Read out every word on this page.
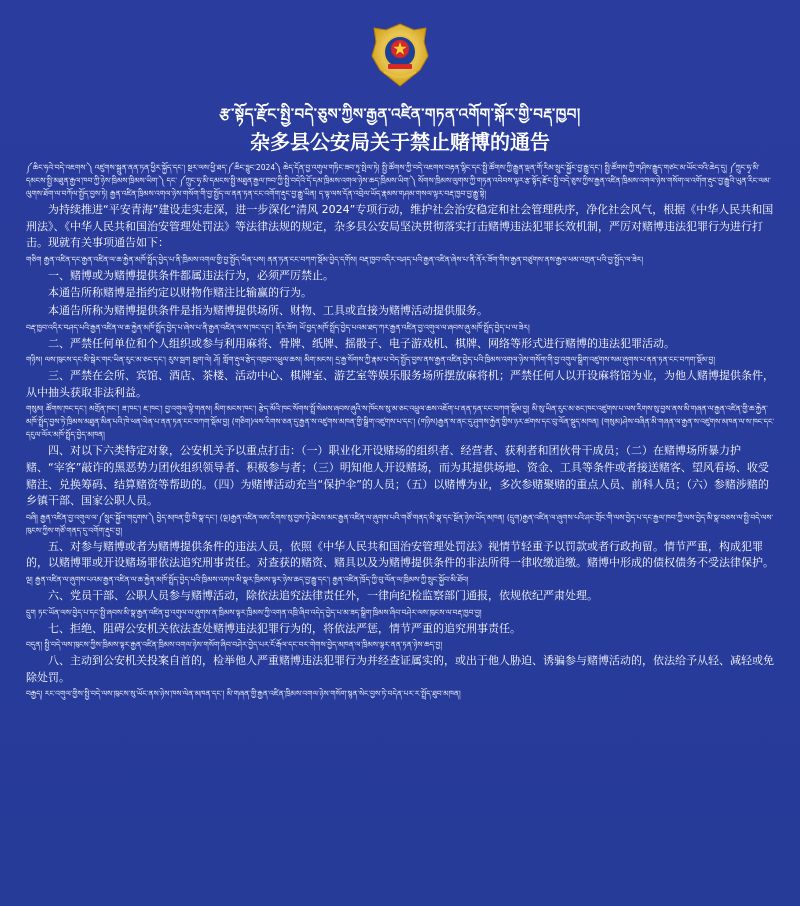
རྩ་སྟོད་རྫོང་སྤྱི་བདེ་ཅུས་ཀྱིས་རྒྱན་འཛིན་གཏན་འགོག་སྐོར་གྱི་བརྡ་ཁྱབ།
杂多县公安局关于禁止赌博的通告
༼ཆིང་ཧའེ་བདེ་འཇགས་༽ འཛུགས་སྐྲུན་ནན་ཏན་ཕྱིར་སྐྱོད་དང་། སྔར་ལས་ཕྱི་ཐད་༼ཆིང་ཧྥུང་2024༽ ཆེད་དོན་བྱ་འགུལ་གཏིང་ཟབ་ཏུ་སྤེལ་ཏེ། སྤྱི་ཚོགས་ཀྱི་བདེ་འཇགས་བརྟན་ལྷིང་དང་སྤྱི་ཚོགས་ཀྱི་རྒྱུན་ལྡན་གོ་རིམ་སྲུང་སྐྱོང་བྱ་རྒྱུ་དང་། སྤྱི་ཚོགས་ཀྱི་གཤིས་རྒྱུད་གཙང་མ་ཡོང་བའི་ཆེད་དུ། ༼ཀྲུང་ཧྭ་མི་དམངས་སྤྱི་མཐུན་རྒྱལ་ཁབ་ཀྱི་ཉེས་ཁྲིམས་ཁྲིམས་ཡིག་༽ དང་ ༼ཀྲུང་ཧྭ་མི་དམངས་སྤྱི་མཐུན་རྒྱལ་ཁབ་ཀྱི་སྤྱི་བདེའི་དོ་དམ་ཁྲིམས་འགལ་ཉེས་ཆད་ཁྲིམས་ཡིག་༽ སོགས་ཁྲིམས་ལུགས་ཀྱི་གཏན་འབེབས་ལྟར་རྩ་སྟོད་རྫོང་སྤྱི་བདེ་ཅུས་ཀྱིས་རྒྱན་འཛིན་ཁྲིམས་འགལ་ཉེས་གསོག་ལ་འགོག་རྡུང་བྱ་རྒྱུའི་ཡུན་རིང་ལམ་ལུགས་ཐོག་ལ་བཀོལ་སྤྱོད་བྱས་ཏེ། རྒྱན་འཛིན་ཁྲིམས་འགལ་ཉེས་གསོག་གི་བྱ་སྤྱོད་ལ་ནན་ཏན་ངང་འགོག་རྡུང་བྱ་རྒྱུ་ཡིན། ད་ལྟ་ལས་དོན་འབྲེལ་ཡོད་རྣམས་གཤམ་གསལ་ལྟར་བརྡ་ཁྱབ་བྱ་རྒྱུ་སྟེ།
为持续推进“平安青海”建设走实走深，进一步深化“清风 2024”专项行动，维护社会治安稳定和社会管理秩序，净化社会风气，根据《中华人民共和国刑法》、《中华人民共和国治安管理处罚法》等法律法规的规定，杂多县公安局坚决贯彻落实打击赌博违法犯罪长效机制，严厉对赌博违法犯罪行为进行打击。现就有关事项通告如下：
གཅིག རྒྱན་འཛིན་དང་རྒྱན་འཛིན་ལ་ཆ་རྐྱེན་མཁོ་སྤྲོད་བྱེད་པ་ནི་ཁྲིམས་འགལ་གྱི་བྱ་སྤྱོད་ཡིན་པས། ནན་ཏན་ངང་བཀག་སྡོམ་བྱེད་དགོས། བརྡ་ཁྱབ་འདིར་བཤད་པའི་རྒྱན་འཛིན་ཞེས་པ་ནི་ནོར་ཟོག་གིས་རྒྱན་བཙུགས་ནས་རྒྱལ་ཕམ་འགྲན་པའི་བྱ་སྤྱོད་ལ་ཟེར།
一、赌博或为赌博提供条件都属违法行为，必须严厉禁止。
本通告所称赌博是指约定以财物作赌注比输赢的行为。
本通告所称为赌博提供条件是指为赌博提供场所、财物、工具或直接为赌博活动提供服务。
བརྡ་ཁྱབ་འདིར་བཤད་པའི་རྒྱན་འཛིན་ལ་ཆ་རྐྱེན་མཁོ་སྤྲོད་བྱེད་པ་ཞེས་པ་ནི་རྒྱན་འཛིན་ལ་ས་ཁང་དང་། ནོར་ཟོག ཡོ་བྱད་མཁོ་སྤྲོད་བྱེད་པའམ་ཐད་ཀར་རྒྱན་འཛིན་བྱ་འགུལ་ལ་ཞབས་ཞུ་མཁོ་སྤྲོད་བྱེད་པ་ལ་ཟེར།
二、严禁任何单位和个人组织或参与利用麻将、骨牌、纸牌、摇骰子、电子游戏机、棋牌、网络等形式进行赌博的违法犯罪活动。
གཉིས། ལས་ཁུངས་དང་མི་སྒེར་གང་ཡིན་རུང་མ་ཅང་དང་། རུས་སྦག སྦག་ལེ། ཤོ། གློག་རྡུལ་རྩེད་འཁྲབ་འཕྲུལ་ཆས། མིག་མངས། དྲ་རྒྱ་སོགས་ཀྱི་རྣམ་པ་བེད་སྤྱོད་བྱས་ནས་རྒྱན་འཛིན་བྱེད་པའི་ཁྲིམས་འགལ་ཉེས་གསོག་གི་བྱ་འགུལ་སྒྲིག་འཛུགས་སམ་ཞུགས་པ་ནན་ཏན་ངང་བཀག་སྡོམ་བྱ།
三、严禁在会所、宾馆、酒店、茶楼、活动中心、棋牌室、游艺室等娱乐服务场所摆放麻将机；严禁任何人以开设麻将馆为业，为他人赌博提供条件，从中抽头获取非法利益。
གསུམ། ཚོགས་ཁང་དང་། མགྲོན་ཁང་། ཟ་ཁང་། ཇ་ཁང་། བྱ་འགུལ་ལྟེ་གནས། མིག་མངས་ཁང་། རྩེད་མོའི་ཁང་སོགས་སྤྲོ་སེམས་ཞབས་ཞུའི་ས་ཁོངས་སུ་མ་ཅང་འཕྲུལ་ཆས་འཇོག་པ་ནན་ཏན་ངང་བཀག་སྡོམ་བྱ། མི་སུ་ཡིན་རུང་མ་ཅང་ཁང་འཛུགས་པ་ལས་རིགས་སུ་བྱས་ནས་མི་གཞན་ལ་རྒྱན་འཛིན་གྱི་ཆ་རྐྱེན་མཁོ་སྤྲོད་བྱས་ཏེ་ཁྲིམས་མཐུན་མིན་པའི་ཁེ་ཕན་ལེན་པ་ནན་ཏན་ངང་བཀག་སྡོམ་བྱ། (གཅིག)ལས་རིགས་ཅན་དུ་རྒྱན་ས་འཛུགས་མཁན་གྱི་སྒྲིག་འཛུགས་པ་དང་། (གཉིས)རྒྱན་ས་ནང་དུ་ཤུགས་རྐྱེན་གྱིས་ཉར་ཚགས་དང་བུ་ལོན་སྡུད་མཁན། (གསུམ)ཤེས་བཞིན་མི་གཞན་ལ་རྒྱན་ས་འཛུགས་མཁན་ལ་ས་ཁང་དང་དངུལ་ལོར་མཁོ་སྤྲོད་བྱེད་མཁན།
四、对以下六类特定对象，公安机关予以重点打击：（一）职业化开设赌场的组织者、经营者、获利者和团伙骨干成员；（二）在赌博场所暴力护赌、“宰客”敲诈的黑恶势力团伙组织领导者、积极参与者；（三）明知他人开设赌场，而为其提供场地、资金、工具等条件或者接送赌客、望风看场、收受赌注、兑换筹码、结算赌资等帮助的。（四）为赌博活动充当“保护伞”的人员；（五）以赌博为业，多次参赌聚赌的重点人员、前科人员；（六）参赌涉赌的乡镇干部、国家公职人员。
བཞི། རྒྱན་འཛིན་བྱ་འགུལ་ལ་༼སྲུང་སྐྱོབ་གདུགས་༽ བྱེད་མཁན་གྱི་མི་སྣ་དང་། (ལྔ)རྒྱན་འཛིན་ལས་རིགས་སུ་བྱས་ཏེ་ཐེངས་མང་རྒྱན་འཛིན་ལ་ཞུགས་པའི་གཙོ་གནད་མི་སྣ་དང་སྔོན་ཉེས་ཡོད་མཁན། (དྲུག)རྒྱན་འཛིན་ལ་ཞུགས་པའི་ཤང་གྲོང་གི་ལས་བྱེད་པ་དང་རྒྱལ་ཁབ་ཀྱི་ལས་བྱེད་མི་སྣ་བཅས་ལ་སྤྱི་བདེ་ལས་ཁུངས་ཀྱིས་གཙོ་གནད་དུ་འགོག་རྡུང་བྱ།
五、对参与赌博或者为赌博提供条件的违法人员，依照《中华人民共和国治安管理处罚法》视情节轻重予以罚款或者行政拘留。情节严重，构成犯罪的，以赌博罪或开设赌场罪依法追究刑事责任。对查获的赌资、赌具以及为赌博提供条件的非法所得一律收缴追缴。赌博中形成的债权债务不受法律保护。
ལྔ། རྒྱན་འཛིན་ལ་ཞུགས་པའམ་རྒྱན་འཛིན་ལ་ཆ་རྐྱེན་མཁོ་སྤྲོད་བྱེད་པའི་ཁྲིམས་འགལ་མི་སྣར་ཁྲིམས་ལྟར་ཉེས་ཆད་བྱ་རྒྱུ་དང་། རྒྱན་འཛིན་ཁྲོད་ཀྱི་བུ་ལོན་ལ་ཁྲིམས་ཀྱི་སྲུང་སྐྱོབ་མི་ཐོབ།
六、党员干部、公职人员参与赌博活动，除依法追究法律责任外，一律向纪检监察部门通报，依规依纪严肃处理。
དྲུག ཏང་ཡོན་ལས་བྱེད་པ་དང་སྤྱི་ཞབས་མི་སྣ་རྒྱན་འཛིན་བྱ་འགུལ་ལ་ཞུགས་ན་ཁྲིམས་ལྟར་ཁྲིམས་ཀྱི་འགན་འཁྲི་ཞིབ་འདེད་བྱེད་པ་མ་ཟད་སྒྲིག་ཁྲིམས་ཞིབ་བཤེར་ལས་ཁུངས་ལ་བརྡ་ཁྱབ་བྱ།
七、拒绝、阻碍公安机关依法查处赌博违法犯罪行为的，将依法严惩，情节严重的追究刑事责任。
བདུན། སྤྱི་བདེ་ལས་ཁུངས་ཀྱིས་ཁྲིམས་ལྟར་རྒྱན་འཛིན་ཁྲིམས་འགལ་ཉེས་གསོག་ཞིབ་བཤེར་བྱེད་པར་ངོ་རྒོལ་དང་བར་གེགས་བྱེད་མཁན་ལ་ཁྲིམས་ལྟར་ནན་ཏན་ཉེས་ཆད་བྱ།
八、主动到公安机关投案自首的，检举他人严重赌博违法犯罪行为并经查证属实的，或出于他人胁迫、诱骗参与赌博活动的，依法给予从轻、减轻或免除处罚。
བརྒྱད། རང་འགུལ་གྱིས་སྤྱི་བདེ་ལས་ཁུངས་སུ་ཡོང་ནས་ཉེས་ཁས་ལེན་མཁན་དང་། མི་གཞན་གྱི་རྒྱན་འཛིན་ཁྲིམས་འགལ་ཉེས་གསོག་སྙན་སེང་བྱས་ཏེ་བདེན་པར་ར་སྤྲོད་ཐུབ་མཁན།
